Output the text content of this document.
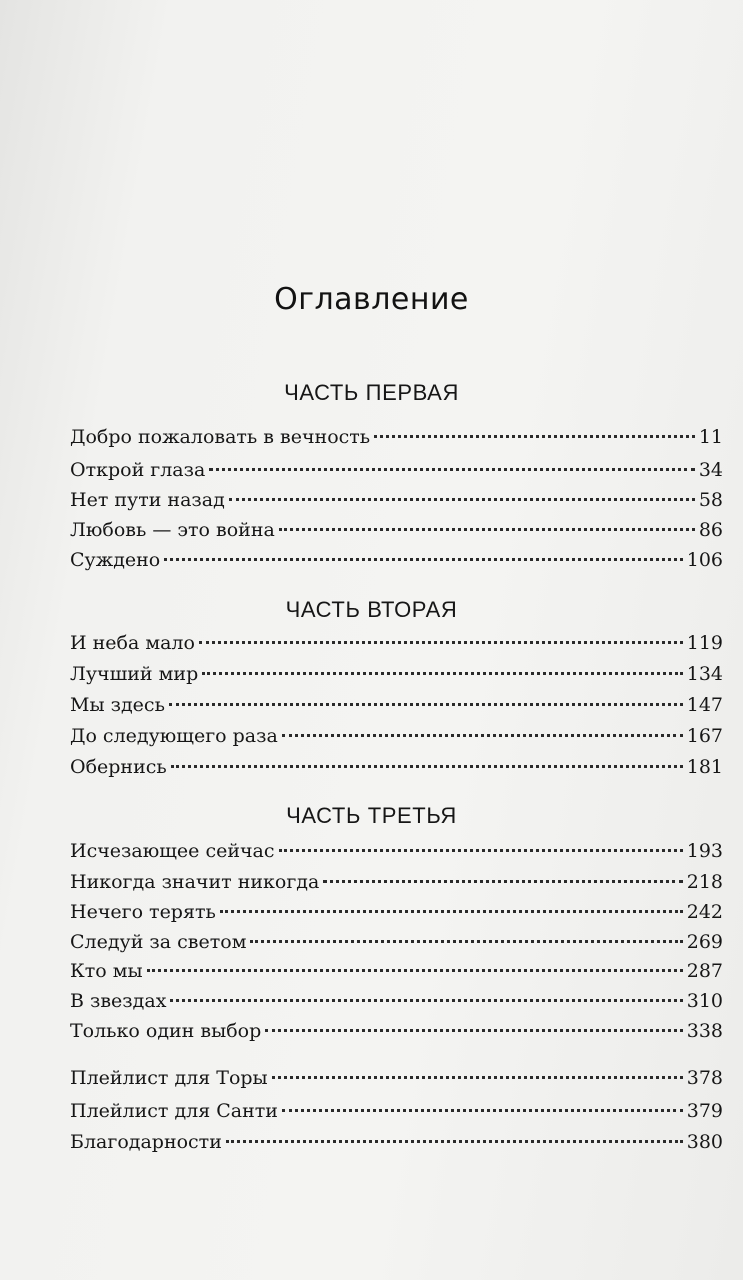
Оглавление
ЧАСТЬ ПЕРВАЯ
Добро пожаловать в вечность	11
Открой глаза	34
Нет пути назад	58
Любовь — это война	86
Суждено	106
ЧАСТЬ ВТОРАЯ
И неба мало	119
Лучший мир	134
Мы здесь	147
До следующего раза	167
Обернись	181
ЧАСТЬ ТРЕТЬЯ
Исчезающее сейчас	193
Никогда значит никогда	218
Нечего терять	242
Следуй за светом	269
Кто мы	287
В звездах	310
Только один выбор	338
Плейлист для Торы	378
Плейлист для Санти	379
Благодарности	380
